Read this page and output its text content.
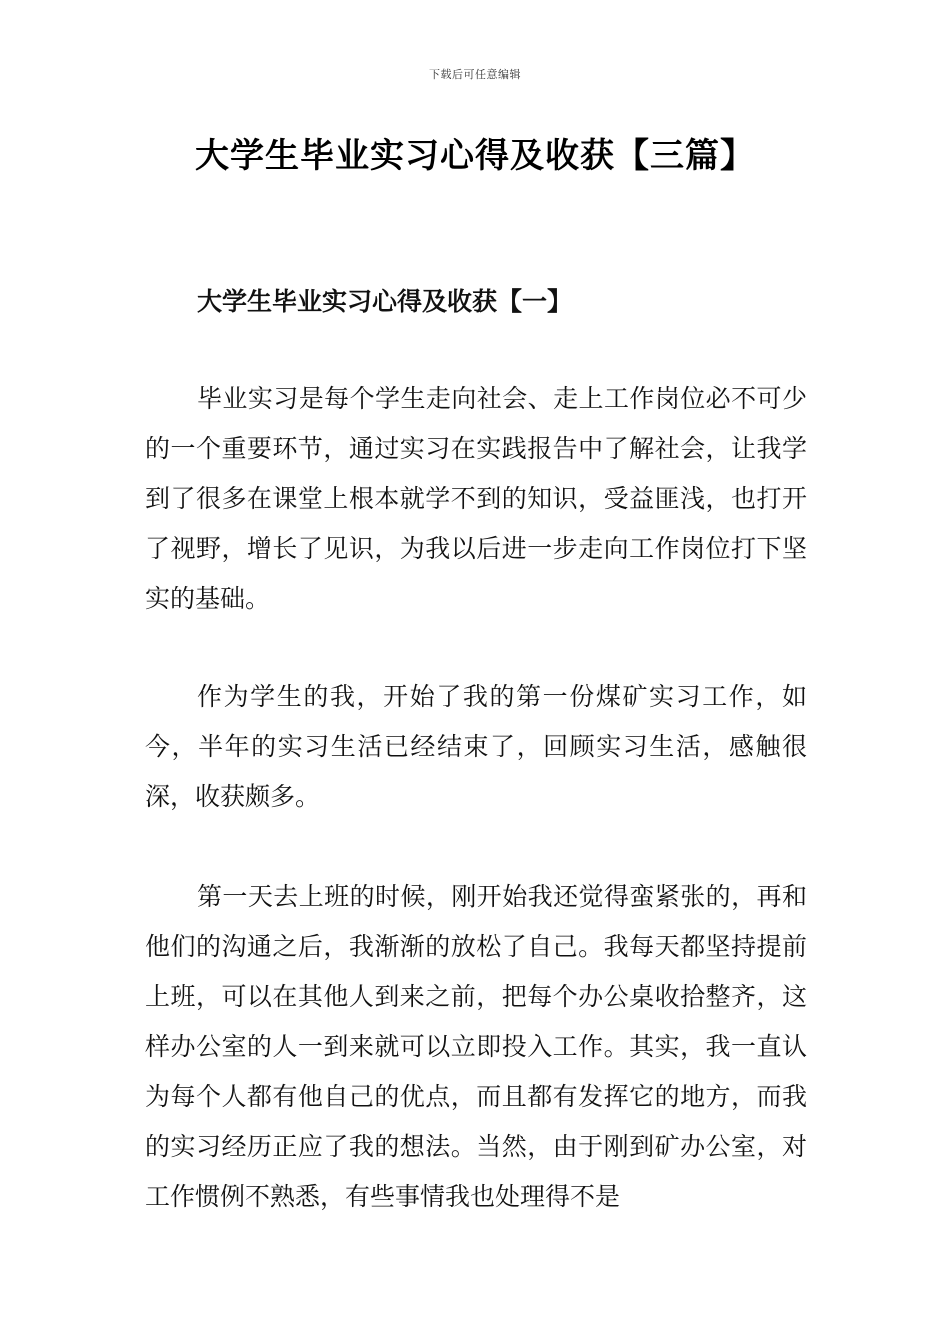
下载后可任意编辑
大学生毕业实习心得及收获【三篇】
大学生毕业实习心得及收获【一】

毕业实习是每个学生走向社会、走上工作岗位必不可少的一个重要环节，通过实习在实践报告中了解社会，让我学到了很多在课堂上根本就学不到的知识，受益匪浅，也打开了视野，增长了见识，为我以后进一步走向工作岗位打下坚实的基础。

作为学生的我，开始了我的第一份煤矿实习工作，如今，半年的实习生活已经结束了，回顾实习生活，感触很深，收获颇多。

第一天去上班的时候，刚开始我还觉得蛮紧张的，再和他们的沟通之后，我渐渐的放松了自己。我每天都坚持提前上班，可以在其他人到来之前，把每个办公桌收拾整齐，这样办公室的人一到来就可以立即投入工作。其实，我一直认为每个人都有他自己的优点，而且都有发挥它的地方，而我的实习经历正应了我的想法。当然，由于刚到矿办公室，对工作惯例不熟悉，有些事情我也处理得不是
